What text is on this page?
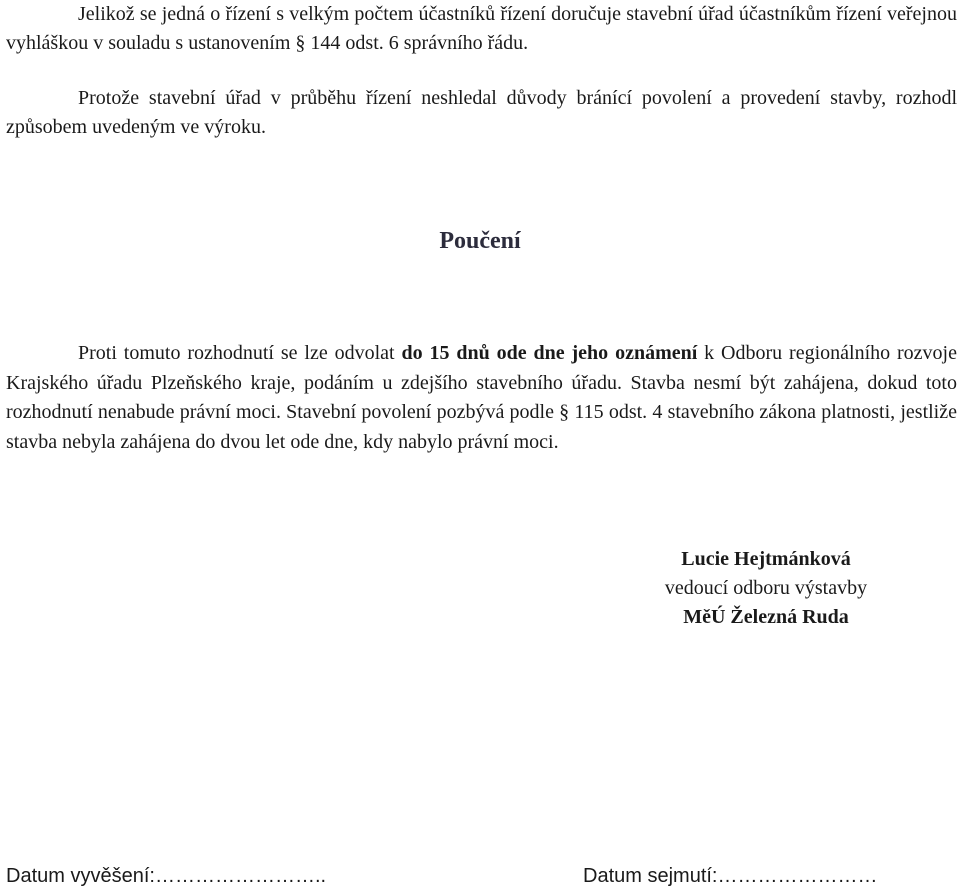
Jelikož se jedná o řízení s velkým počtem účastníků řízení doručuje stavební úřad účastníkům řízení veřejnou vyhláškou v souladu s ustanovením § 144 odst. 6 správního řádu.

Protože stavební úřad v průběhu řízení neshledal důvody bránící povolení a provedení stavby, rozhodl způsobem uvedeným ve výroku.

Poučení

Proti tomuto rozhodnutí se lze odvolat do 15 dnů ode dne jeho oznámení k Odboru regionálního rozvoje Krajského úřadu Plzeňského kraje, podáním u zdejšího stavebního úřadu. Stavba nesmí být zahájena, dokud toto rozhodnutí nenabude právní moci. Stavební povolení pozbývá podle § 115 odst. 4 stavebního zákona platnosti, jestliže stavba nebyla zahájena do dvou let ode dne, kdy nabylo právní moci.

Lucie Hejtmánková
vedoucí odboru výstavby
MěÚ Železná Ruda
Datum vyvěšení:……………………..	Datum sejmutí:……………………
